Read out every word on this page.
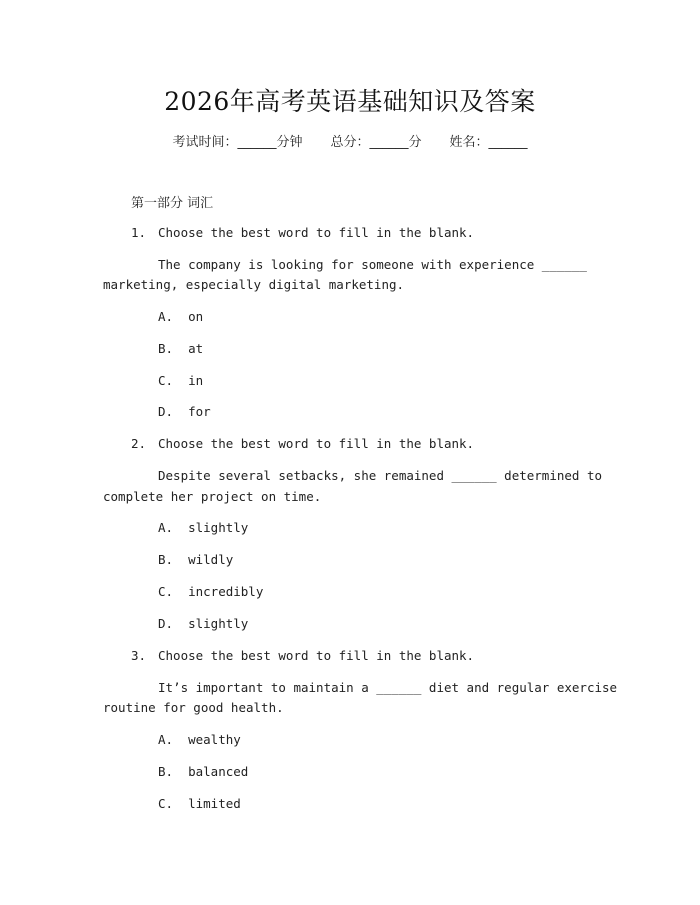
2026年高考英语基础知识及答案
考试时间：______分钟 总分：______分 姓名：______
第一部分 词汇
1. Choose the best word to fill in the blank.
The company is looking for someone with experience ______
marketing, especially digital marketing.
A.  on
B.  at
C.  in
D.  for
2. Choose the best word to fill in the blank.
Despite several setbacks, she remained ______ determined to
complete her project on time.
A.  slightly
B.  wildly
C.  incredibly
D.  slightly
3. Choose the best word to fill in the blank.
It’s important to maintain a ______ diet and regular exercise
routine for good health.
A.  wealthy
B.  balanced
C.  limited
